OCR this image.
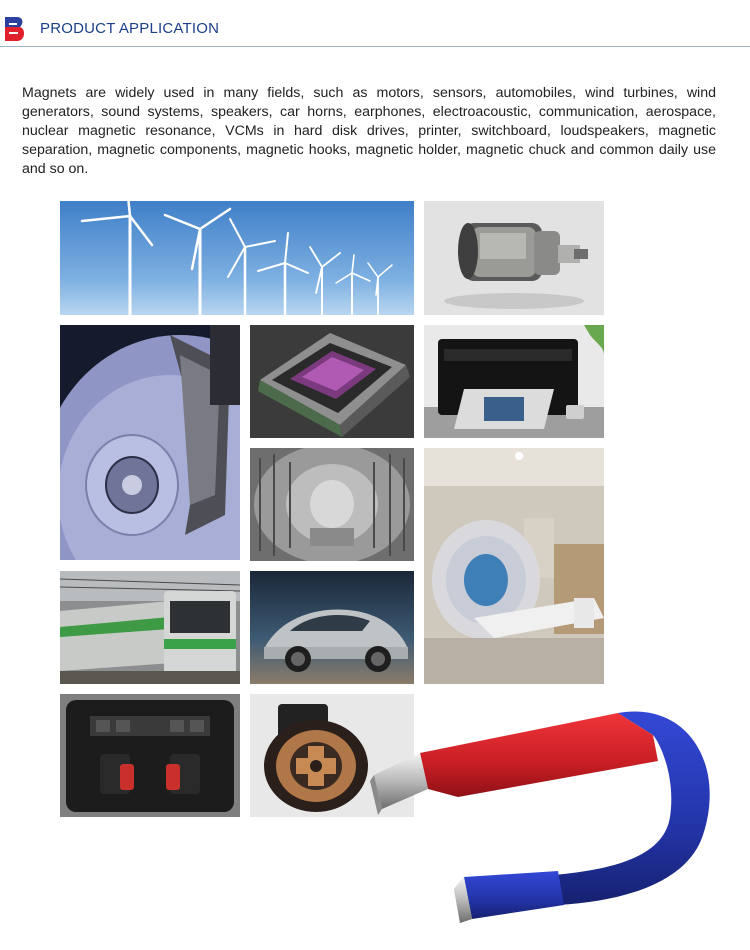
PRODUCT APPLICATION

Magnets are widely used in many fields, such as motors, sensors, automobiles, wind turbines, wind generators, sound systems, speakers, car horns, earphones, electroacoustic, communication, aerospace, nuclear magnetic resonance, VCMs in hard disk drives, printer, switchboard, loudspeakers, magnetic separation, magnetic components, magnetic hooks, magnetic holder, magnetic chuck and common daily use and so on.
